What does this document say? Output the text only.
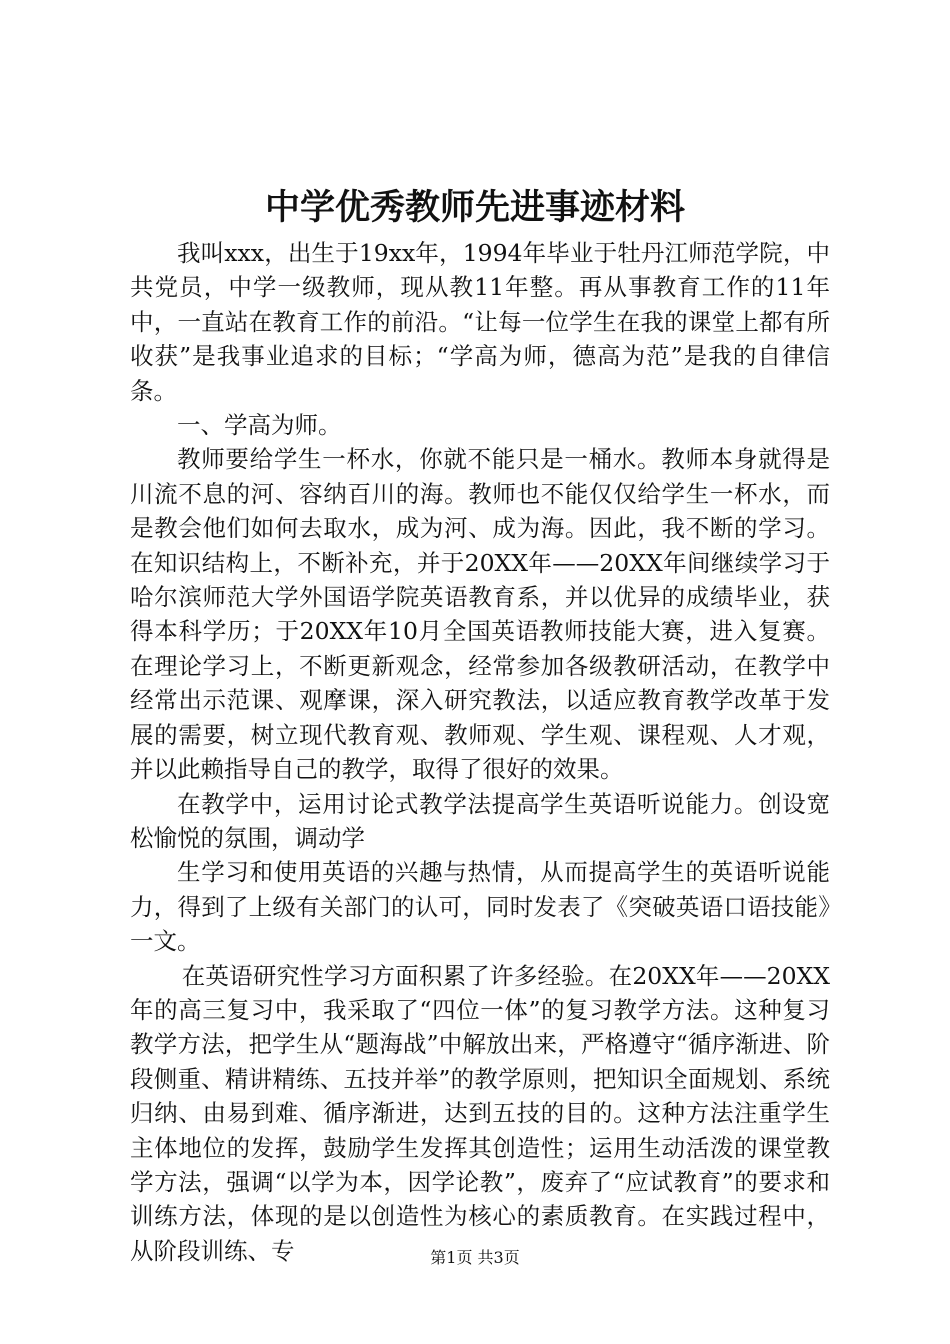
中学优秀教师先进事迹材料

我叫xxx，出生于19xx年，1994年毕业于牡丹江师范学院，中共党员，中学一级教师，现从教11年整。再从事教育工作的11年中，一直站在教育工作的前沿。“让每一位学生在我的课堂上都有所收获”是我事业追求的目标；“学高为师，德高为范”是我的自律信条。

一、学高为师。

教师要给学生一杯水，你就不能只是一桶水。教师本身就得是川流不息的河、容纳百川的海。教师也不能仅仅给学生一杯水，而是教会他们如何去取水，成为河、成为海。因此，我不断的学习。在知识结构上，不断补充，并于20XX年——20XX年间继续学习于哈尔滨师范大学外国语学院英语教育系，并以优异的成绩毕业，获得本科学历；于20XX年10月全国英语教师技能大赛，进入复赛。在理论学习上，不断更新观念，经常参加各级教研活动，在教学中经常出示范课、观摩课，深入研究教法，以适应教育教学改革于发展的需要，树立现代教育观、教师观、学生观、课程观、人才观，并以此赖指导自己的教学，取得了很好的效果。

在教学中，运用讨论式教学法提高学生英语听说能力。创设宽松愉悦的氛围，调动学

生学习和使用英语的兴趣与热情，从而提高学生的英语听说能力，得到了上级有关部门的认可，同时发表了《突破英语口语技能》一文。

在英语研究性学习方面积累了许多经验。在20XX年——20XX年的高三复习中，我采取了“四位一体”的复习教学方法。这种复习教学方法，把学生从“题海战”中解放出来，严格遵守“循序渐进、阶段侧重、精讲精练、五技并举”的教学原则，把知识全面规划、系统归纳、由易到难、循序渐进，达到五技的目的。这种方法注重学生主体地位的发挥，鼓励学生发挥其创造性；运用生动活泼的课堂教学方法，强调“以学为本，因学论教”，废弃了“应试教育”的要求和训练方法，体现的是以创造性为核心的素质教育。在实践过程中，从阶段训练、专	第1页 共3页
